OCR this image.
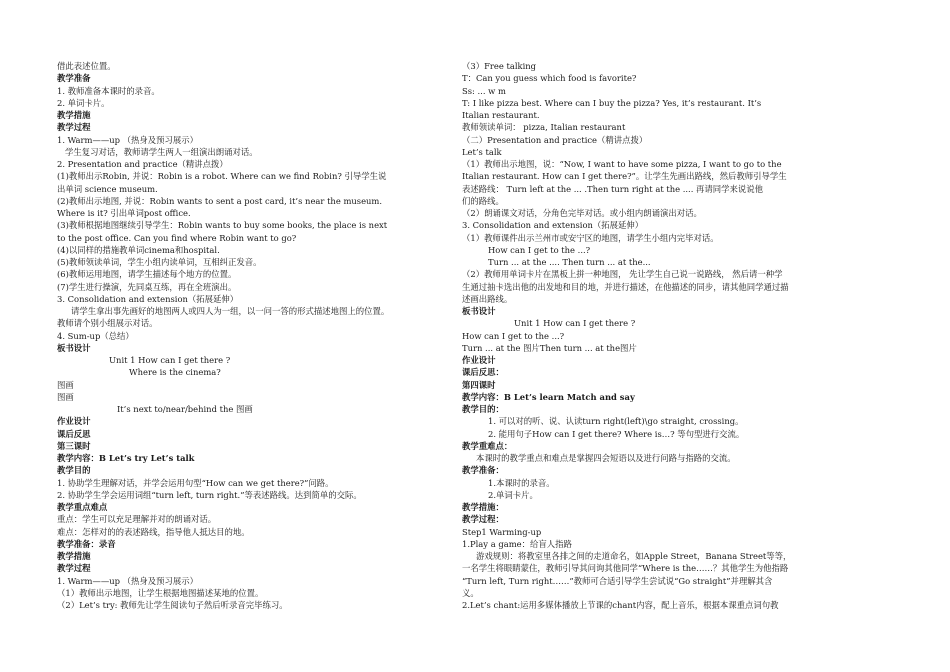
借此表述位置。
教学准备
1. 教师准备本课时的录音。
2. 单词卡片。
教学措施
教学过程
1. Warm——up （热身及预习展示）
学生复习对话，教师请学生两人一组演出朗诵对话。
2. Presentation and practice（精讲点拨）
(1)教师出示Robin, 并说：Robin is a robot. Where can we find Robin? 引导学生说
出单词 science museum.
(2)教师出示地图, 并说：Robin wants to sent a post card, it’s near the museum.
Where is it? 引出单词post office.
(3)教师根据地图继续引导学生：Robin wants to buy some books, the place is next
to the post office. Can you find where Robin want to go?
(4)以同样的措施教单词cinema和hospital.
(5)教师领读单词，学生小组内读单词，互相纠正发音。
(6)教师运用地图，请学生描述每个地方的位置。
(7)学生进行操演，先同桌互练，再在全班演出。
3. Consolidation and extension（拓展延伸）
请学生拿出事先画好的地图两人或四人为一组，以一问一答的形式描述地图上的位置。
教师请个别小组展示对话。
4. Sum-up（总结）
板书设计
Unit 1 How can I get there ?
Where is the cinema?
图画
图画
It’s next to/near/behind the 图画
作业设计
课后反思
第三课时
教学内容：B Let’s try Let’s talk
教学目的
1. 协助学生理解对话，并学会运用句型“How can we get there?”问路。
2. 协助学生学会运用词组“turn left, turn right.”等表述路线。达到简单的交际。
教学重点难点
重点：学生可以充足理解并对的朗诵对话。
难点：怎样对的的表述路线，指导他人抵达目的地。
教学准备：录音
教学措施
教学过程
1. Warm——up （热身及预习展示）
（1）教师出示地图，让学生根据地图描述某地的位置。
（2）Let’s try: 教师先让学生阅读句子然后听录音完毕练习。
（3）Free talking
T：Can you guess which food is favorite?
Ss: ... w m
T: I like pizza best. Where can I buy the pizza? Yes, it’s restaurant. It’s
Italian restaurant.
教师领读单词： pizza, Italian restaurant
（二）Presentation and practice（精讲点拨）
Let’s talk
（1）教师出示地图，说：“Now, I want to have some pizza, I want to go to the
Italian restaurant. How can I get there?”。让学生先画出路线，然后教师引导学生
表述路线： Turn left at the ... .Then turn right at the .... 再请同学来说说他
们的路线。
（2）朗诵课文对话，分角色完毕对话。或小组内朗诵演出对话。
3. Consolidation and extension（拓展延伸）
（1）教师课件出示兰州市或安宁区的地图，请学生小组内完毕对话。
How can I get to the ...?
Turn ... at the .... Then turn ... at the...
（2）教师用单词卡片在黑板上拼一种地图， 先让学生自己说一说路线， 然后请一种学
生通过抽卡选出他的出发地和目的地，并进行描述，在他描述的同步，请其他同学通过描
述画出路线。
板书设计
Unit 1 How can I get there ?
How can I get to the ...?
Turn ... at the 图片Then turn ... at the图片
作业设计
课后反思：
第四课时
教学内容：B Let’s learn Match and say
教学目的：
1. 可以对的听、说、认读turn right(left)\go straight, crossing。
2. 能用句子How can I get there? Where is…? 等句型进行交流。
教学重难点：
本课时的教学重点和难点是掌握四会短语以及进行问路与指路的交流。
教学准备：
1.本课时的录音。
2.单词卡片。
教学措施：
教学过程：
Step1 Warming-up
1.Play a game：给盲人指路
游戏规则：将教室里各排之间的走道命名，如Apple Street，Banana Street等等，
一名学生将眼睛蒙住，教师引导其问询其他同学“Where is the……？其他学生为他指路
“Turn left, Turn right……”教师可合适引导学生尝试说“Go straight”并理解其含
义。
2.Let’s chant:运用多媒体播放上节课的chant内容，配上音乐，根据本课重点词句教
